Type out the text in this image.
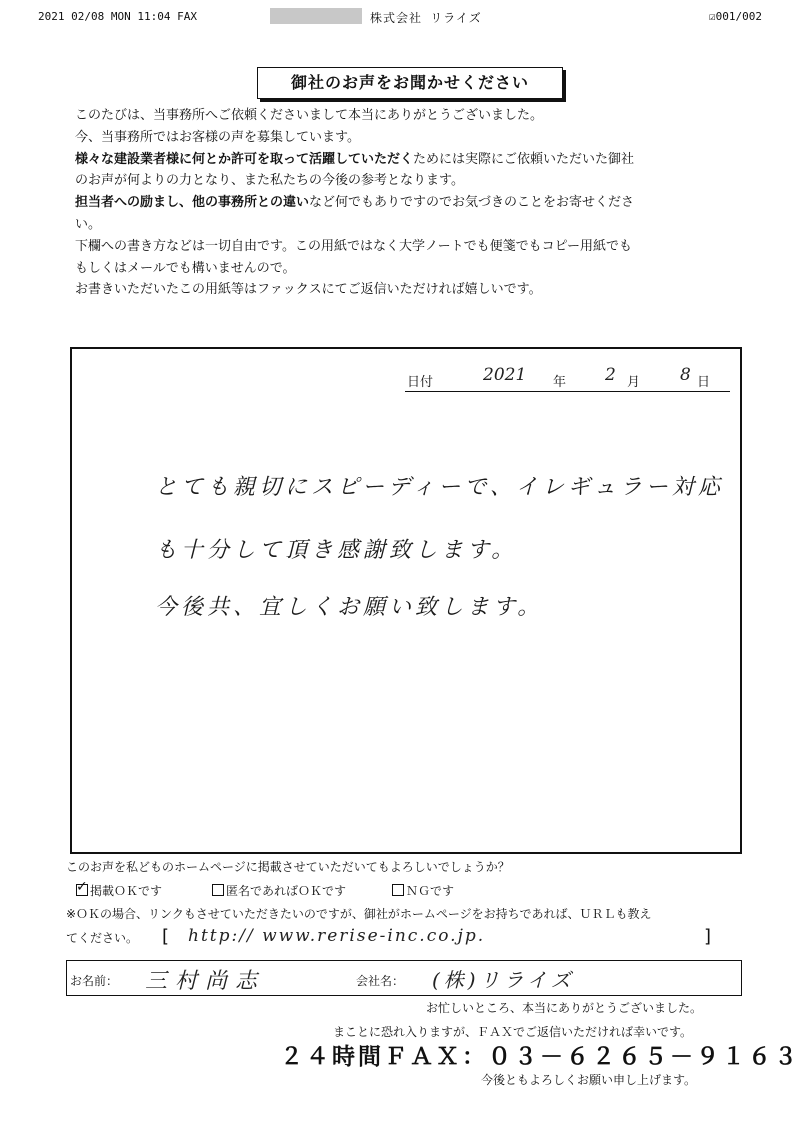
2021 02/08 MON 11:04 FAX	株式会社 リライズ	☑001/002
御社のお声をお聞かせください

このたびは、当事務所へご依頼くださいまして本当にありがとうございました。

今、当事務所ではお客様の声を募集しています。

様々な建設業者様に何とか許可を取って活躍していただくためには実際にご依頼いただいた御社

のお声が何よりの力となり、また私たちの今後の参考となります。

担当者への励まし、他の事務所との違いなど何でもありですのでお気づきのことをお寄せくださ

い。

下欄への書き方などは一切自由です。この用紙ではなく大学ノートでも便箋でもコピー用紙でも

もしくはメールでも構いませんので。

お書きいただいたこの用紙等はファックスにてご返信いただければ嬉しいです。

日付	2021 年 2 月 8 日
とても親切にスピーディーで、イレギュラー対応
も十分して頂き感謝致します。
今後共、宜しくお願い致します。
このお声を私どものホームページに掲載させていただいてもよろしいでしょうか？
✓掲載ＯＫです	匿名であればＯＫです	ＮＧです
※ＯＫの場合、リンクもさせていただきたいのですが、御社がホームページをお持ちであれば、ＵＲＬも教え
てください。 [ http:// www.rerise-inc.co.jp.	]
お名前： 三村尚志	会社名： (株)リライズ
お忙しいところ、本当にありがとうございました。
まことに恐れ入りますが、ＦＡＸでご返信いただければ幸いです。
２４時間ＦＡＸ：０３－６２６５－９１６３
今後ともよろしくお願い申し上げます。
